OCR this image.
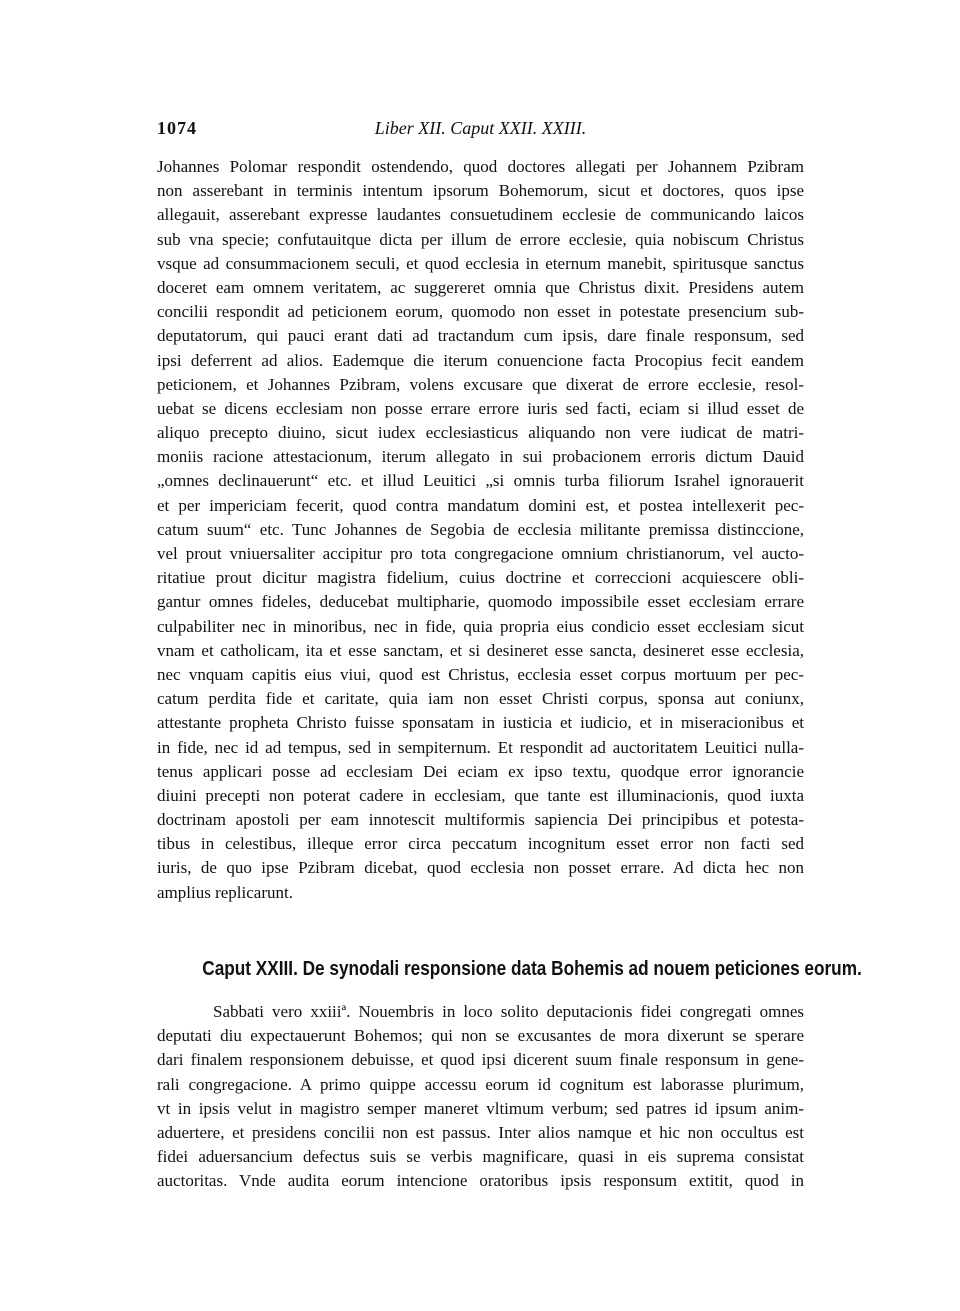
1074	Liber XII. Caput XXII. XXIII.
Johannes Polomar respondit ostendendo, quod doctores allegati per Johannem Pzibram
non asserebant in terminis intentum ipsorum Bohemorum, sicut et doctores, quos ipse
allegauit, asserebant expresse laudantes consuetudinem ecclesie de communicando laicos
sub vna specie; confutauitque dicta per illum de errore ecclesie, quia nobiscum Christus
vsque ad consummacionem seculi, et quod ecclesia in eternum manebit, spiritusque sanctus
doceret eam omnem veritatem, ac suggereret omnia que Christus dixit. Presidens autem
concilii respondit ad peticionem eorum, quomodo non esset in potestate presencium sub-
deputatorum, qui pauci erant dati ad tractandum cum ipsis, dare finale responsum, sed
ipsi deferrent ad alios. Eademque die iterum conuencione facta Procopius fecit eandem
peticionem, et Johannes Pzibram, volens excusare que dixerat de errore ecclesie, resol-
uebat se dicens ecclesiam non posse errare errore iuris sed facti, eciam si illud esset de
aliquo precepto diuino, sicut iudex ecclesiasticus aliquando non vere iudicat de matri-
moniis racione attestacionum, iterum allegato in sui probacionem erroris dictum Dauid
„omnes declinauerunt“ etc. et illud Leuitici „si omnis turba filiorum Israhel ignorauerit
et per impericiam fecerit, quod contra mandatum domini est, et postea intellexerit pec-
catum suum“ etc. Tunc Johannes de Segobia de ecclesia militante premissa distinccione,
vel prout vniuersaliter accipitur pro tota congregacione omnium christianorum, vel aucto-
ritatiue prout dicitur magistra fidelium, cuius doctrine et correccioni acquiescere obli-
gantur omnes fideles, deducebat multipharie, quomodo impossibile esset ecclesiam errare
culpabiliter nec in minoribus, nec in fide, quia propria eius condicio esset ecclesiam sicut
vnam et catholicam, ita et esse sanctam, et si desineret esse sancta, desineret esse ecclesia,
nec vnquam capitis eius viui, quod est Christus, ecclesia esset corpus mortuum per pec-
catum perdita fide et caritate, quia iam non esset Christi corpus, sponsa aut coniunx,
attestante propheta Christo fuisse sponsatam in iusticia et iudicio, et in miseracionibus et
in fide, nec id ad tempus, sed in sempiternum. Et respondit ad auctoritatem Leuitici nulla-
tenus applicari posse ad ecclesiam Dei eciam ex ipso textu, quodque error ignorancie
diuini precepti non poterat cadere in ecclesiam, que tante est illuminacionis, quod iuxta
doctrinam apostoli per eam innotescit multiformis sapiencia Dei principibus et potesta-
tibus in celestibus, illeque error circa peccatum incognitum esset error non facti sed
iuris, de quo ipse Pzibram dicebat, quod ecclesia non posset errare. Ad dicta hec non
amplius replicarunt.
Caput XXIII. De synodali responsione data Bohemis ad nouem peticiones eorum.
Sabbati vero xxiiiª. Nouembris in loco solito deputacionis fidei congregati omnes
deputati diu expectauerunt Bohemos; qui non se excusantes de mora dixerunt se sperare
dari finalem responsionem debuisse, et quod ipsi dicerent suum finale responsum in gene-
rali congregacione. A primo quippe accessu eorum id cognitum est laborasse plurimum,
vt in ipsis velut in magistro semper maneret vltimum verbum; sed patres id ipsum anim-
aduertere, et presidens concilii non est passus. Inter alios namque et hic non occultus est
fidei aduersancium defectus suis se verbis magnificare, quasi in eis suprema consistat
auctoritas. Vnde audita eorum intencione oratoribus ipsis responsum extitit, quod in
